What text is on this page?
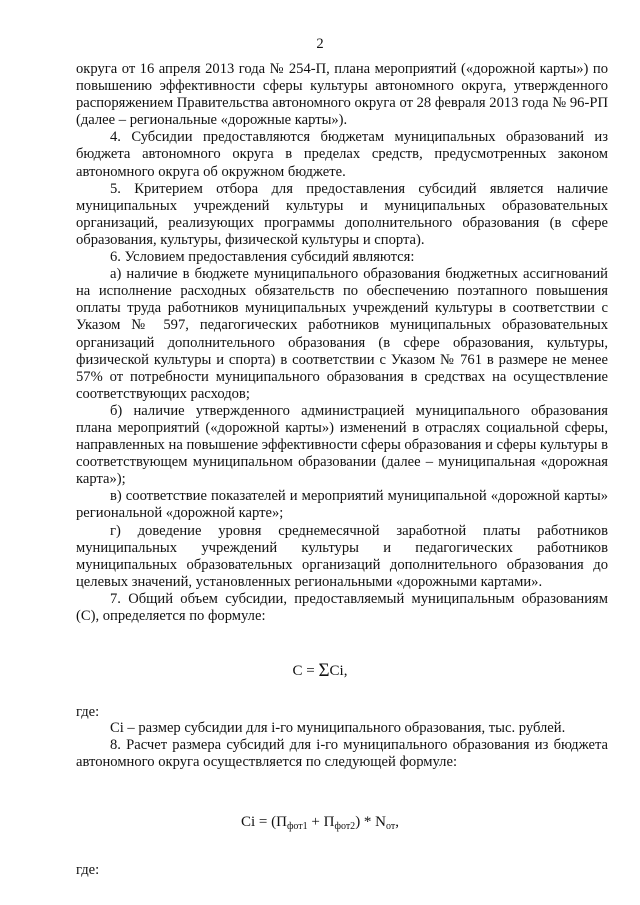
2

округа от 16 апреля 2013 года № 254-П, плана мероприятий («дорожной карты») по повышению эффективности сферы культуры автономного округа, утвержденного распоряжением Правительства автономного округа от 28 февраля 2013 года № 96-РП (далее – региональные «дорожные карты»).

4. Субсидии предоставляются бюджетам муниципальных образований из бюджета автономного округа в пределах средств, предусмотренных законом автономного округа об окружном бюджете.

5. Критерием отбора для предоставления субсидий является наличие муниципальных учреждений культуры и муниципальных образовательных организаций, реализующих программы дополнительного образования (в сфере образования, культуры, физической культуры и спорта).

6. Условием предоставления субсидий являются:

а) наличие в бюджете муниципального образования бюджетных ассигнований на исполнение расходных обязательств по обеспечению поэтапного повышения оплаты труда работников муниципальных учреждений культуры в соответствии с Указом № 597, педагогических работников муниципальных образовательных организаций дополнительного образования (в сфере образования, культуры, физической культуры и спорта) в соответствии с Указом № 761 в размере не менее 57% от потребности муниципального образования в средствах на осуществление соответствующих расходов;

б) наличие утвержденного администрацией муниципального образования плана мероприятий («дорожной карты») изменений в отраслях социальной сферы, направленных на повышение эффективности сферы образования и сферы культуры в соответствующем муниципальном образовании (далее – муниципальная «дорожная карта»);

в) соответствие показателей и мероприятий муниципальной «дорожной карты» региональной «дорожной карте»;

г) доведение уровня среднемесячной заработной платы работников муниципальных учреждений культуры и педагогических работников муниципальных образовательных организаций дополнительного образования до целевых значений, установленных региональными «дорожными картами».

7. Общий объем субсидии, предоставляемый муниципальным образованиям (С), определяется по формуле:

С = ΣCi,
где:

Ci – размер субсидии для i-го муниципального образования, тыс. рублей.

8. Расчет размера субсидий для i-го муниципального образования из бюджета автономного округа осуществляется по следующей формуле:

$Ci = (П_{фот1} + П_{фот2}) * N_{от}$,
где:
